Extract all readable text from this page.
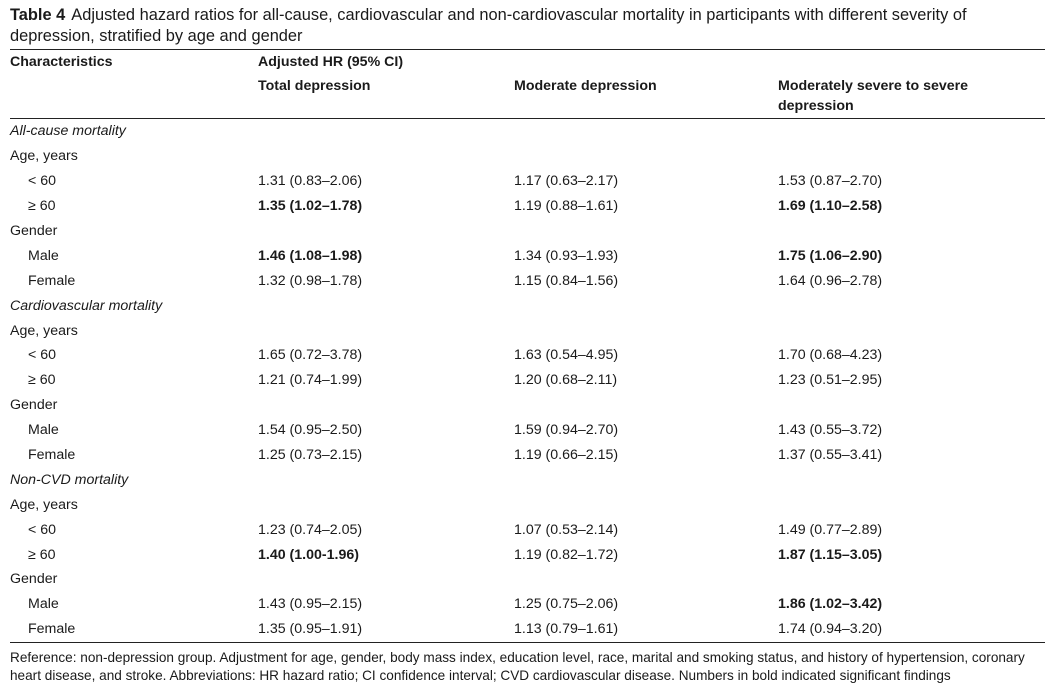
Table 4 Adjusted hazard ratios for all-cause, cardiovascular and non-cardiovascular mortality in participants with different severity of depression, stratified by age and gender
Characteristics	Adjusted HR (95% CI)		
	Total depression	Moderate depression	Moderately severe to severe depression
All-cause mortality			
Age, years			
< 60	1.31 (0.83–2.06)	1.17 (0.63–2.17)	1.53 (0.87–2.70)
≥ 60	1.35 (1.02–1.78)	1.19 (0.88–1.61)	1.69 (1.10–2.58)
Gender			
Male	1.46 (1.08–1.98)	1.34 (0.93–1.93)	1.75 (1.06–2.90)
Female	1.32 (0.98–1.78)	1.15 (0.84–1.56)	1.64 (0.96–2.78)
Cardiovascular mortality			
Age, years			
< 60	1.65 (0.72–3.78)	1.63 (0.54–4.95)	1.70 (0.68–4.23)
≥ 60	1.21 (0.74–1.99)	1.20 (0.68–2.11)	1.23 (0.51–2.95)
Gender			
Male	1.54 (0.95–2.50)	1.59 (0.94–2.70)	1.43 (0.55–3.72)
Female	1.25 (0.73–2.15)	1.19 (0.66–2.15)	1.37 (0.55–3.41)
Non-CVD mortality			
Age, years			
< 60	1.23 (0.74–2.05)	1.07 (0.53–2.14)	1.49 (0.77–2.89)
≥ 60	1.40 (1.00-1.96)	1.19 (0.82–1.72)	1.87 (1.15–3.05)
Gender			
Male	1.43 (0.95–2.15)	1.25 (0.75–2.06)	1.86 (1.02–3.42)
Female	1.35 (0.95–1.91)	1.13 (0.79–1.61)	1.74 (0.94–3.20)
Reference: non-depression group. Adjustment for age, gender, body mass index, education level, race, marital and smoking status, and history of hypertension, coronary heart disease, and stroke. Abbreviations: HR hazard ratio; CI confidence interval; CVD cardiovascular disease. Numbers in bold indicated significant findings
